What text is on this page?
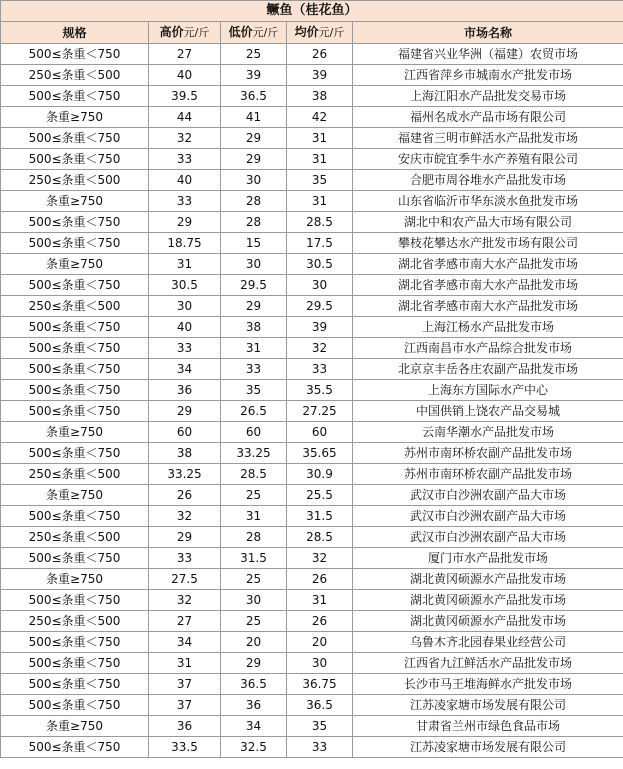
鳜鱼（桂花鱼）				
规格	高价元/斤	低价元/斤	均价元/斤	市场名称
500≤条重＜750	27	25	26	福建省兴业华洲（福建）农贸市场
250≤条重＜500	40	39	39	江西省萍乡市城南水产批发市场
500≤条重＜750	39.5	36.5	38	上海江阳水产品批发交易市场
条重≥750	44	41	42	福州名成水产品市场有限公司
500≤条重＜750	32	29	31	福建省三明市鲜活水产品批发市场
500≤条重＜750	33	29	31	安庆市皖宜季牛水产养殖有限公司
250≤条重＜500	40	30	35	合肥市周谷堆水产品批发市场
条重≥750	33	28	31	山东省临沂市华东淡水鱼批发市场
500≤条重＜750	29	28	28.5	湖北中和农产品大市场有限公司
500≤条重＜750	18.75	15	17.5	攀枝花攀达水产批发市场有限公司
条重≥750	31	30	30.5	湖北省孝感市南大水产品批发市场
500≤条重＜750	30.5	29.5	30	湖北省孝感市南大水产品批发市场
250≤条重＜500	30	29	29.5	湖北省孝感市南大水产品批发市场
500≤条重＜750	40	38	39	上海江杨水产品批发市场
500≤条重＜750	33	31	32	江西南昌市水产品综合批发市场
500≤条重＜750	34	33	33	北京京丰岳各庄农副产品批发市场
500≤条重＜750	36	35	35.5	上海东方国际水产中心
500≤条重＜750	29	26.5	27.25	中国供销上饶农产品交易城
条重≥750	60	60	60	云南华潮水产品批发市场
500≤条重＜750	38	33.25	35.65	苏州市南环桥农副产品批发市场
250≤条重＜500	33.25	28.5	30.9	苏州市南环桥农副产品批发市场
条重≥750	26	25	25.5	武汉市白沙洲农副产品大市场
500≤条重＜750	32	31	31.5	武汉市白沙洲农副产品大市场
250≤条重＜500	29	28	28.5	武汉市白沙洲农副产品大市场
500≤条重＜750	33	31.5	32	厦门市水产品批发市场
条重≥750	27.5	25	26	湖北黄冈硕源水产品批发市场
500≤条重＜750	32	30	31	湖北黄冈硕源水产品批发市场
250≤条重＜500	27	25	26	湖北黄冈硕源水产品批发市场
500≤条重＜750	34	20	20	乌鲁木齐北园春果业经营公司
500≤条重＜750	31	29	30	江西省九江鲜活水产品批发市场
500≤条重＜750	37	36.5	36.75	长沙市马王堆海鲜水产批发市场
500≤条重＜750	37	36	36.5	江苏凌家塘市场发展有限公司
条重≥750	36	34	35	甘肃省兰州市绿色食品市场
500≤条重＜750	33.5	32.5	33	江苏凌家塘市场发展有限公司
